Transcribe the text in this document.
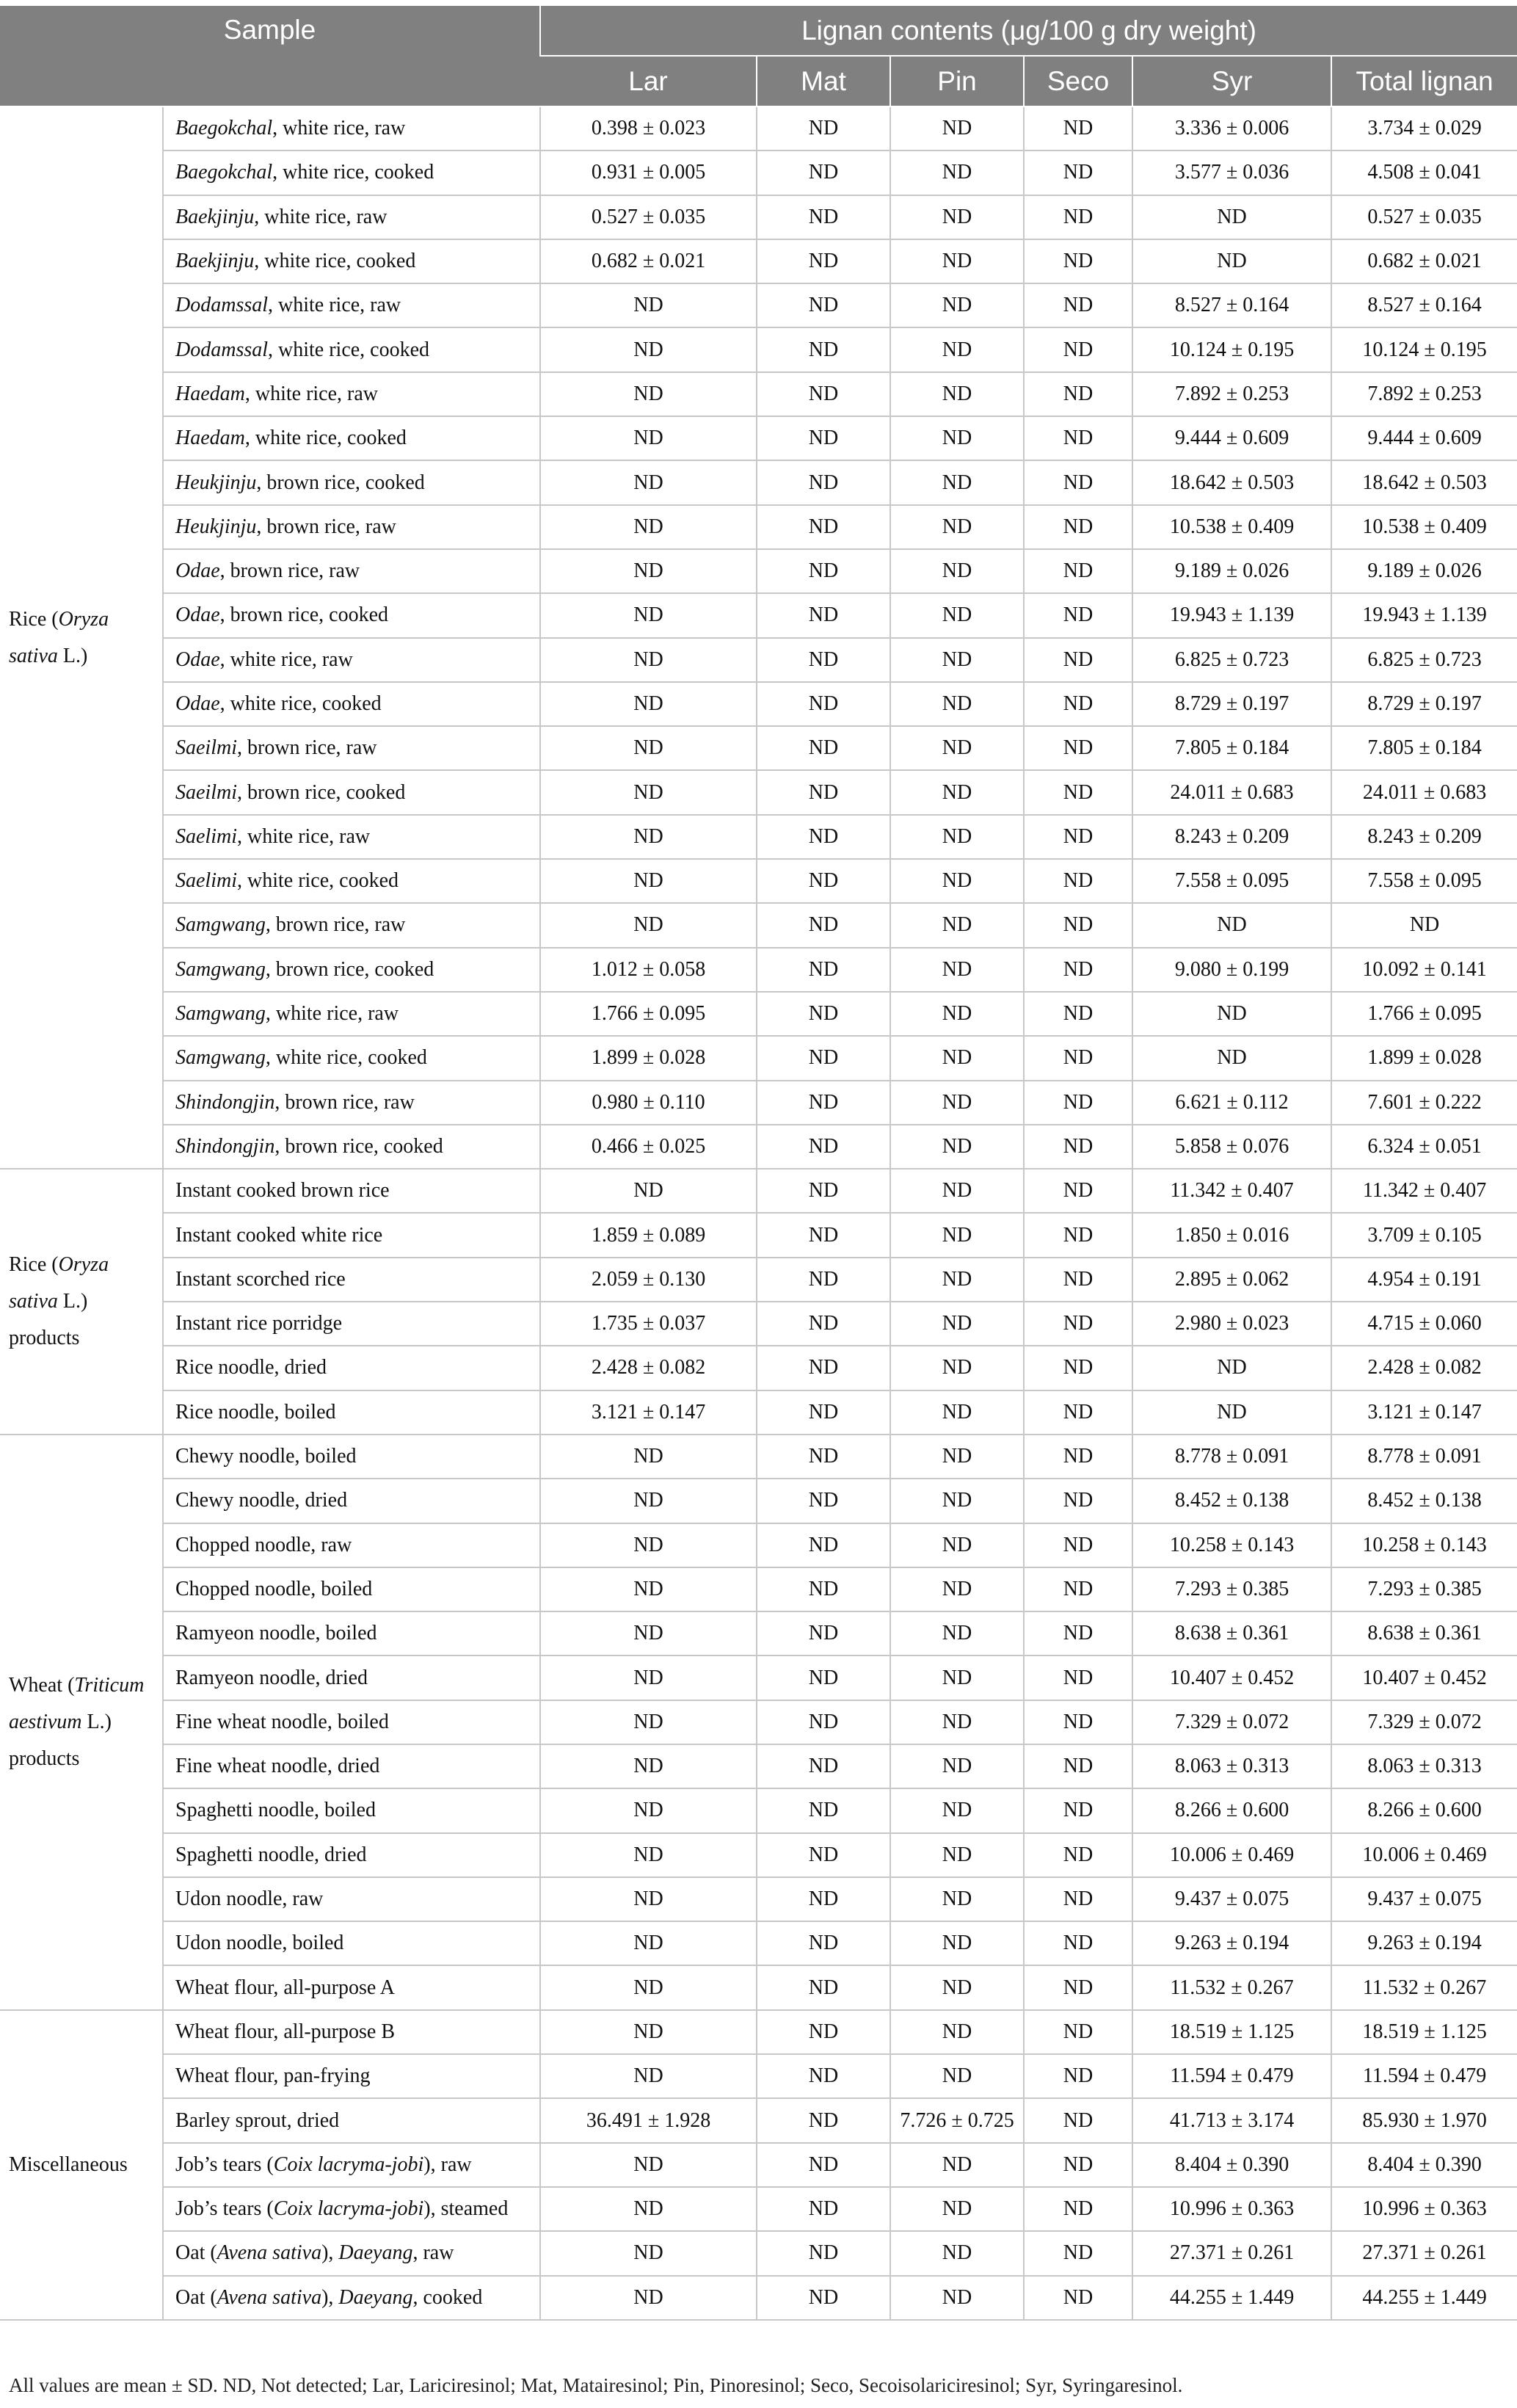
Sample		Lignan contents (μg/100 g dry weight)					
		Lar	Mat	Pin	Seco	Syr	Total lignan

Rice (Oryza
sativa L.)	Baegokchal, white rice, raw	0.398 ± 0.023	ND	ND	ND	3.336 ± 0.006	3.734 ± 0.029
	Baegokchal, white rice, cooked	0.931 ± 0.005	ND	ND	ND	3.577 ± 0.036	4.508 ± 0.041
	Baekjinju, white rice, raw	0.527 ± 0.035	ND	ND	ND	ND	0.527 ± 0.035
	Baekjinju, white rice, cooked	0.682 ± 0.021	ND	ND	ND	ND	0.682 ± 0.021
	Dodamssal, white rice, raw	ND	ND	ND	ND	8.527 ± 0.164	8.527 ± 0.164
	Dodamssal, white rice, cooked	ND	ND	ND	ND	10.124 ± 0.195	10.124 ± 0.195
	Haedam, white rice, raw	ND	ND	ND	ND	7.892 ± 0.253	7.892 ± 0.253
	Haedam, white rice, cooked	ND	ND	ND	ND	9.444 ± 0.609	9.444 ± 0.609
	Heukjinju, brown rice, cooked	ND	ND	ND	ND	18.642 ± 0.503	18.642 ± 0.503
	Heukjinju, brown rice, raw	ND	ND	ND	ND	10.538 ± 0.409	10.538 ± 0.409
	Odae, brown rice, raw	ND	ND	ND	ND	9.189 ± 0.026	9.189 ± 0.026
	Odae, brown rice, cooked	ND	ND	ND	ND	19.943 ± 1.139	19.943 ± 1.139
	Odae, white rice, raw	ND	ND	ND	ND	6.825 ± 0.723	6.825 ± 0.723
	Odae, white rice, cooked	ND	ND	ND	ND	8.729 ± 0.197	8.729 ± 0.197
	Saeilmi, brown rice, raw	ND	ND	ND	ND	7.805 ± 0.184	7.805 ± 0.184
	Saeilmi, brown rice, cooked	ND	ND	ND	ND	24.011 ± 0.683	24.011 ± 0.683
	Saelimi, white rice, raw	ND	ND	ND	ND	8.243 ± 0.209	8.243 ± 0.209
	Saelimi, white rice, cooked	ND	ND	ND	ND	7.558 ± 0.095	7.558 ± 0.095
	Samgwang, brown rice, raw	ND	ND	ND	ND	ND	ND
	Samgwang, brown rice, cooked	1.012 ± 0.058	ND	ND	ND	9.080 ± 0.199	10.092 ± 0.141
	Samgwang, white rice, raw	1.766 ± 0.095	ND	ND	ND	ND	1.766 ± 0.095
	Samgwang, white rice, cooked	1.899 ± 0.028	ND	ND	ND	ND	1.899 ± 0.028
	Shindongjin, brown rice, raw	0.980 ± 0.110	ND	ND	ND	6.621 ± 0.112	7.601 ± 0.222
	Shindongjin, brown rice, cooked	0.466 ± 0.025	ND	ND	ND	5.858 ± 0.076	6.324 ± 0.051

Rice (Oryza
sativa L.)
products	Instant cooked brown rice	ND	ND	ND	ND	11.342 ± 0.407	11.342 ± 0.407
	Instant cooked white rice	1.859 ± 0.089	ND	ND	ND	1.850 ± 0.016	3.709 ± 0.105
	Instant scorched rice	2.059 ± 0.130	ND	ND	ND	2.895 ± 0.062	4.954 ± 0.191
	Instant rice porridge	1.735 ± 0.037	ND	ND	ND	2.980 ± 0.023	4.715 ± 0.060
	Rice noodle, dried	2.428 ± 0.082	ND	ND	ND	ND	2.428 ± 0.082
	Rice noodle, boiled	3.121 ± 0.147	ND	ND	ND	ND	3.121 ± 0.147

Wheat (Triticum
aestivum L.)
products	Chewy noodle, boiled	ND	ND	ND	ND	8.778 ± 0.091	8.778 ± 0.091
	Chewy noodle, dried	ND	ND	ND	ND	8.452 ± 0.138	8.452 ± 0.138
	Chopped noodle, raw	ND	ND	ND	ND	10.258 ± 0.143	10.258 ± 0.143
	Chopped noodle, boiled	ND	ND	ND	ND	7.293 ± 0.385	7.293 ± 0.385
	Ramyeon noodle, boiled	ND	ND	ND	ND	8.638 ± 0.361	8.638 ± 0.361
	Ramyeon noodle, dried	ND	ND	ND	ND	10.407 ± 0.452	10.407 ± 0.452
	Fine wheat noodle, boiled	ND	ND	ND	ND	7.329 ± 0.072	7.329 ± 0.072
	Fine wheat noodle, dried	ND	ND	ND	ND	8.063 ± 0.313	8.063 ± 0.313
	Spaghetti noodle, boiled	ND	ND	ND	ND	8.266 ± 0.600	8.266 ± 0.600
	Spaghetti noodle, dried	ND	ND	ND	ND	10.006 ± 0.469	10.006 ± 0.469
	Udon noodle, raw	ND	ND	ND	ND	9.437 ± 0.075	9.437 ± 0.075
	Udon noodle, boiled	ND	ND	ND	ND	9.263 ± 0.194	9.263 ± 0.194
	Wheat flour, all-purpose A	ND	ND	ND	ND	11.532 ± 0.267	11.532 ± 0.267

Miscellaneous	Wheat flour, all-purpose B	ND	ND	ND	ND	18.519 ± 1.125	18.519 ± 1.125
	Wheat flour, pan-frying	ND	ND	ND	ND	11.594 ± 0.479	11.594 ± 0.479
	Barley sprout, dried	36.491 ± 1.928	ND	7.726 ± 0.725	ND	41.713 ± 3.174	85.930 ± 1.970
	Job’s tears (Coix lacryma-jobi), raw	ND	ND	ND	ND	8.404 ± 0.390	8.404 ± 0.390
	Job’s tears (Coix lacryma-jobi), steamed	ND	ND	ND	ND	10.996 ± 0.363	10.996 ± 0.363
	Oat (Avena sativa), Daeyang, raw	ND	ND	ND	ND	27.371 ± 0.261	27.371 ± 0.261
	Oat (Avena sativa), Daeyang, cooked	ND	ND	ND	ND	44.255 ± 1.449	44.255 ± 1.449
All values are mean ± SD. ND, Not detected; Lar, Lariciresinol; Mat, Matairesinol; Pin, Pinoresinol; Seco, Secoisolariciresinol; Syr, Syringaresinol.
